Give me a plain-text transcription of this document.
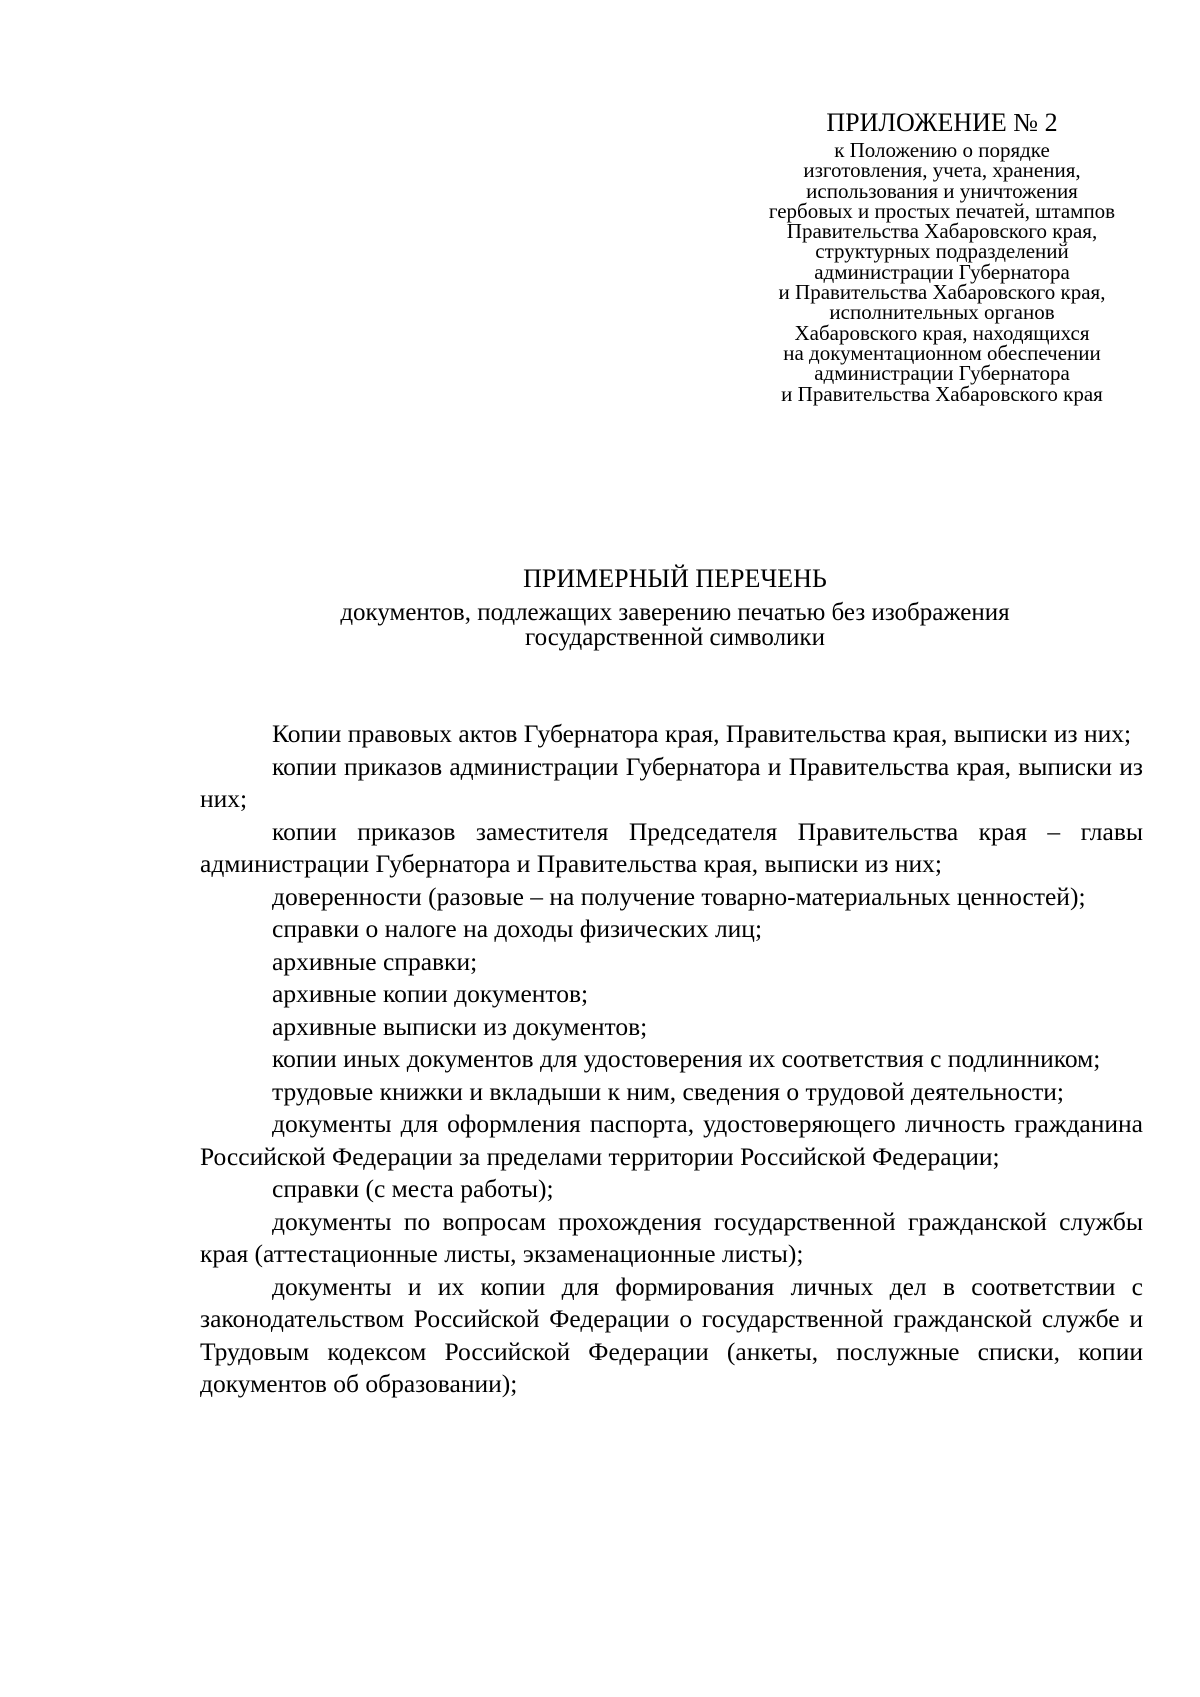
ПРИЛОЖЕНИЕ № 2

к Положению о порядке
изготовления, учета, хранения,
использования и уничтожения
гербовых и простых печатей, штампов
Правительства Хабаровского края,
структурных подразделений
администрации Губернатора
и Правительства Хабаровского края,
исполнительных органов
Хабаровского края, находящихся
на документационном обеспечении
администрации Губернатора
и Правительства Хабаровского края

ПРИМЕРНЫЙ ПЕРЕЧЕНЬ

документов, подлежащих заверению печатью без изображения
государственной символики
Копии правовых актов Губернатора края, Правительства края, выписки из них;
копии приказов администрации Губернатора и Правительства края, выписки из них;
копии приказов заместителя Председателя Правительства края – главы администрации Губернатора и Правительства края, выписки из них;
доверенности (разовые – на получение товарно-материальных ценностей);
справки о налоге на доходы физических лиц;
архивные справки;
архивные копии документов;
архивные выписки из документов;
копии иных документов для удостоверения их соответствия с подлинником;
трудовые книжки и вкладыши к ним, сведения о трудовой деятельности;
документы для оформления паспорта, удостоверяющего личность гражданина Российской Федерации за пределами территории Российской Федерации;
справки (с места работы);
документы по вопросам прохождения государственной гражданской службы края (аттестационные листы, экзаменационные листы);
документы и их копии для формирования личных дел в соответствии с законодательством Российской Федерации о государственной гражданской службе и Трудовым кодексом Российской Федерации (анкеты, послужные списки, копии документов об образовании);
